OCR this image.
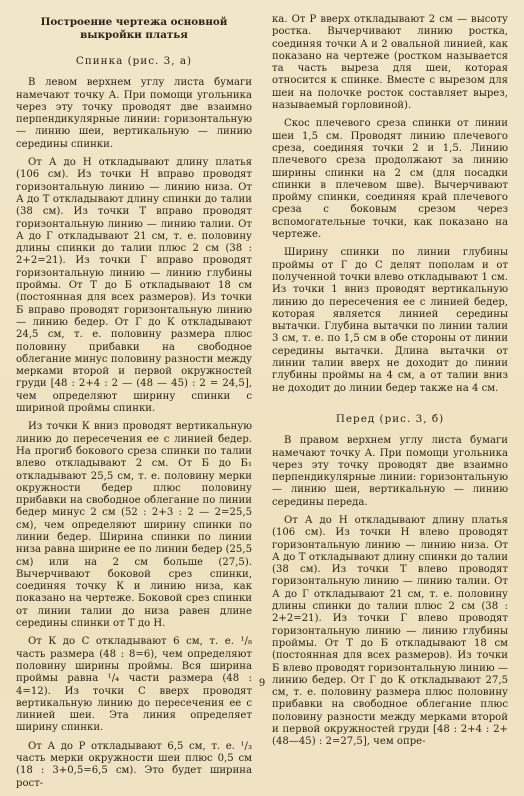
Построение чертежа основной выкройки платья

Спинка (рис. 3, а)

В левом верхнем углу листа бумаги намечают точку А. При помощи угольника через эту точку проводят две взаимно перпендикулярные линии: горизонтальную — линию шеи, вертикальную — линию середины спинки.

От А до Н откладывают длину платья (106 см). Из точки Н вправо проводят горизонтальную линию — линию низа. От А до Т откладывают длину спинки до талии (38 см). Из точки Т вправо проводят горизонтальную линию — линию талии. От А до Г откладывают 21 см, т. е. половину длины спинки до талии плюс 2 см (38 : 2+2=21). Из точки Г вправо проводят горизонтальную линию — линию глубины проймы. От Т до Б откладывают 18 см (постоянная для всех размеров). Из точки Б вправо проводят горизонтальную линию — линию бедер. От Г до К откладывают 24,5 см, т. е. половину размера плюс половину прибавки на свободное облегание минус половину разности между мерками второй и первой окружностей груди [48 : 2+4 : 2 — (48 — 45) : 2 = 24,5], чем определяют ширину спинки с шириной проймы спинки.

Из точки К вниз проводят вертикальную линию до пересечения ее с линией бедер. На прогиб бокового среза спинки по талии влево откладывают 2 см. От Б до Б₁ откладывают 25,5 см, т. е. половину мерки окружности бедер плюс половину прибавки на свободное облегание по линии бедер минус 2 см (52 : 2+3 : 2 — 2=25,5 см), чем определяют ширину спинки по линии бедер. Ширина спинки по линии низа равна ширине ее по линии бедер (25,5 см) или на 2 см больше (27,5). Вычерчивают боковой срез спинки, соединяя точку К и линию низа, как показано на чертеже. Боковой срез спинки от линии талии до низа равен длине середины спинки от Т до Н.

От К до С откладывают 6 см, т. е. ¹/₈ часть размера (48 : 8=6), чем определяют половину ширины проймы. Вся ширина проймы равна ¹/₄ части размера (48 : 4=12). Из точки С вверх проводят вертикальную линию до пересечения ее с линией шеи. Эта линия определяет ширину спинки.

От А до Р откладывают 6,5 см, т. е. ¹/₃ часть мерки окружности шеи плюс 0,5 см (18 : 3+0,5=6,5 см). Это будет ширина рост-

ка. От Р вверх откладывают 2 см — высоту ростка. Вычерчивают линию ростка, соединяя точки А и 2 овальной линией, как показано на чертеже (ростком называется та часть выреза для шеи, которая относится к спинке. Вместе с вырезом для шеи на полочке росток составляет вырез, называемый горловиной).

Скос плечевого среза спинки от линии шеи 1,5 см. Проводят линию плечевого среза, соединяя точки 2 и 1,5. Линию плечевого среза продолжают за линию ширины спинки на 2 см (для посадки спинки в плечевом шве). Вычерчивают пройму спинки, соединяя край плечевого среза с боковым срезом через вспомогательные точки, как показано на чертеже.

Ширину спинки по линии глубины проймы от Г до С делят пополам и от полученной точки влево откладывают 1 см. Из точки 1 вниз проводят вертикальную линию до пересечения ее с линией бедер, которая является линией середины вытачки. Глубина вытачки по линии талии 3 см, т. е. по 1,5 см в обе стороны от линии середины вытачки. Длина вытачки от линии талии вверх не доходит до линии глубины проймы на 4 см, а от талии вниз не доходит до линии бедер также на 4 см.

Перед (рис. 3, б)

В правом верхнем углу листа бумаги намечают точку А. При помощи угольника через эту точку проводят две взаимно перпендикулярные линии: горизонтальную — линию шеи, вертикальную — линию середины переда.

От А до Н откладывают длину платья (106 см). Из точки Н влево проводят горизонтальную линию — линию низа. От А до Т откладывают длину спинки до талии (38 см). Из точки Т влево проводят горизонтальную линию — линию талии. От А до Г откладывают 21 см, т. е. половину длины спинки до талии плюс 2 см (38 : 2+2=21). Из точки Г влево проводят горизонтальную линию — линию глубины проймы. От Т до Б откладывают 18 см (постоянная для всех размеров). Из точки Б влево проводят горизонтальную линию — линию бедер. От Г до К откладывают 27,5 см, т. е. половину размера плюс половину прибавки на свободное облегание плюс половину разности между мерками второй и первой окружностей груди [48 : 2+4 : 2+(48—45) : 2=27,5], чем опре-

9
